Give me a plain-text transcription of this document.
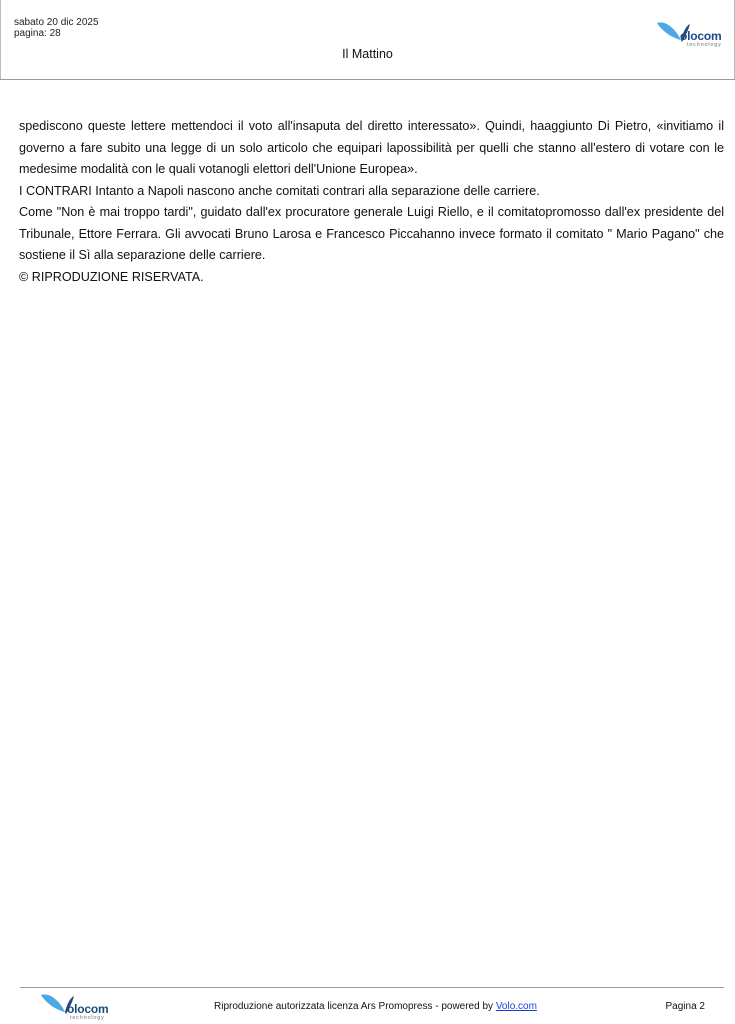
sabato 20 dic 2025
pagina: 28
Il Mattino
olocom
technology

spediscono queste lettere mettendoci il voto all'insaputa del diretto interessato». Quindi, haaggiunto Di Pietro, «invitiamo il governo a fare subito una legge di un solo articolo che equipari lapossibilità per quelli che stanno all'estero di votare con le medesime modalità con le quali votanogli elettori dell'Unione Europea».

I CONTRARI Intanto a Napoli nascono anche comitati contrari alla separazione delle carriere.

Come "Non è mai troppo tardi", guidato dall'ex procuratore generale Luigi Riello, e il comitatopromosso dall'ex presidente del Tribunale, Ettore Ferrara. Gli avvocati Bruno Larosa e Francesco Piccahanno invece formato il comitato " Mario Pagano" che sostiene il Sì alla separazione delle carriere.

© RIPRODUZIONE RISERVATA.

olocom
technology
Riproduzione autorizzata licenza Ars Promopress - powered by Volo.com	Pagina 2
